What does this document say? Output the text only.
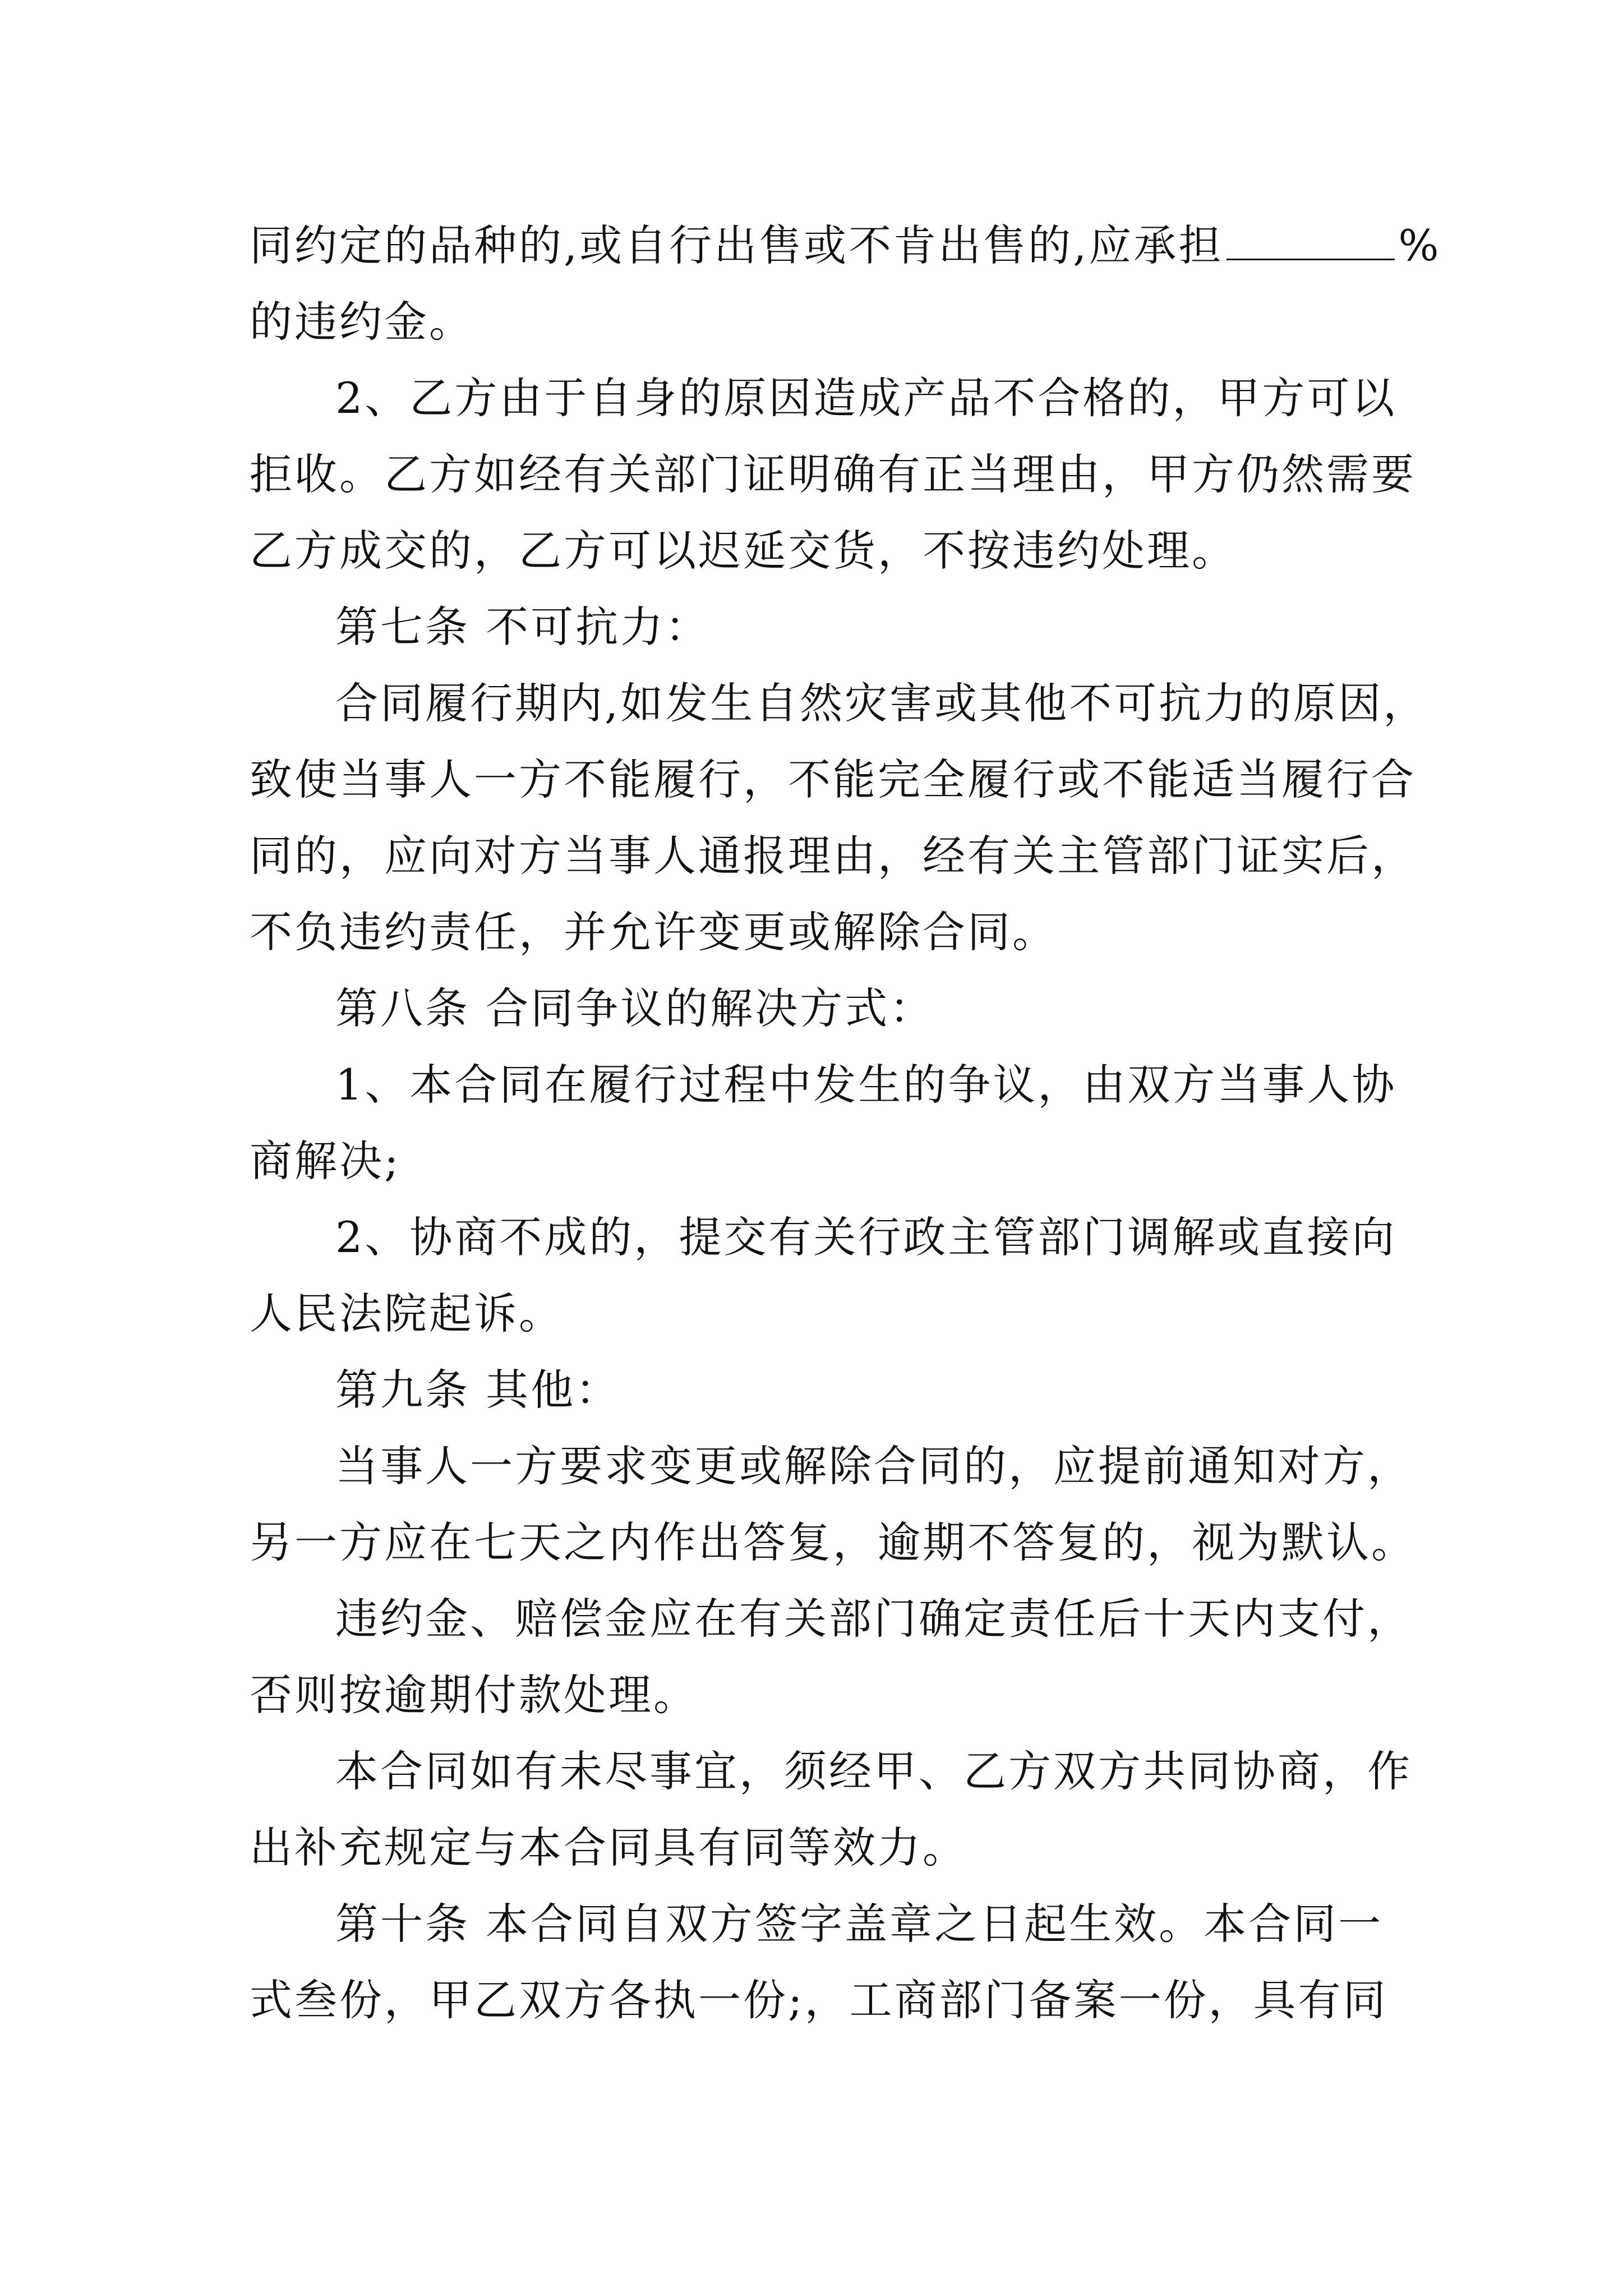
同约定的品种的,或自行出售或不肯出售的,应承担	%
的违约金。
2、乙方由于自身的原因造成产品不合格的，甲方可以
拒收。乙方如经有关部门证明确有正当理由，甲方仍然需要
乙方成交的，乙方可以迟延交货，不按违约处理。
第七条 不可抗力：
合同履行期内,如发生自然灾害或其他不可抗力的原因，
致使当事人一方不能履行，不能完全履行或不能适当履行合
同的，应向对方当事人通报理由，经有关主管部门证实后，
不负违约责任，并允许变更或解除合同。
第八条 合同争议的解决方式：
1、本合同在履行过程中发生的争议，由双方当事人协
商解决;
2、协商不成的，提交有关行政主管部门调解或直接向
人民法院起诉。
第九条 其他：
当事人一方要求变更或解除合同的，应提前通知对方，
另一方应在七天之内作出答复，逾期不答复的，视为默认。
违约金、赔偿金应在有关部门确定责任后十天内支付，
否则按逾期付款处理。
本合同如有未尽事宜，须经甲、乙方双方共同协商，作
出补充规定与本合同具有同等效力。
第十条 本合同自双方签字盖章之日起生效。本合同一
式叁份，甲乙双方各执一份;，工商部门备案一份，具有同
